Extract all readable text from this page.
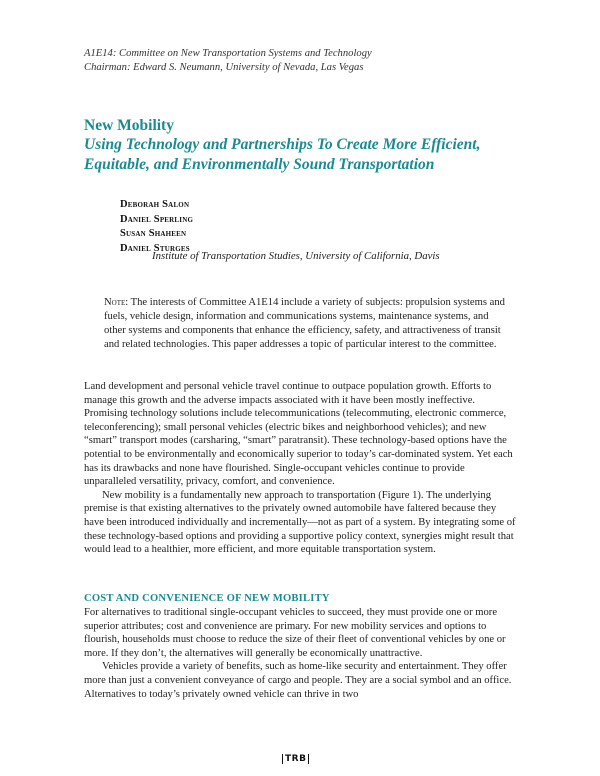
A1E14: Committee on New Transportation Systems and Technology
Chairman: Edward S. Neumann, University of Nevada, Las Vegas
New Mobility
Using Technology and Partnerships To Create More Efficient,
Equitable, and Environmentally Sound Transportation
Deborah Salon
Daniel Sperling
Susan Shaheen
Daniel Sturges
Institute of Transportation Studies, University of California, Davis
Note: The interests of Committee A1E14 include a variety of subjects: propulsion systems and fuels, vehicle design, information and communications systems, maintenance systems, and other systems and components that enhance the efficiency, safety, and attractiveness of transit and related technologies. This paper addresses a topic of particular interest to the committee.

Land development and personal vehicle travel continue to outpace population growth. Efforts to manage this growth and the adverse impacts associated with it have been mostly ineffective. Promising technology solutions include telecommunications (telecommuting, electronic commerce, teleconferencing); small personal vehicles (electric bikes and neighborhood vehicles); and new “smart” transport modes (carsharing, “smart” paratransit). These technology-based options have the potential to be environmentally and economically superior to today’s car-dominated system. Yet each has its drawbacks and none have flourished. Single-occupant vehicles continue to provide unparalleled versatility, privacy, comfort, and convenience.

New mobility is a fundamentally new approach to transportation (Figure 1). The underlying premise is that existing alternatives to the privately owned automobile have faltered because they have been introduced individually and incrementally—not as part of a system. By integrating some of these technology-based options and providing a supportive policy context, synergies might result that would lead to a healthier, more efficient, and more equitable transportation system.

COST AND CONVENIENCE OF NEW MOBILITY

For alternatives to traditional single-occupant vehicles to succeed, they must provide one or more superior attributes; cost and convenience are primary. For new mobility services and options to flourish, households must choose to reduce the size of their fleet of conventional vehicles by one or more. If they don’t, the alternatives will generally be economically unattractive.

Vehicles provide a variety of benefits, such as home-like security and entertainment. They offer more than just a convenient conveyance of cargo and people. They are a social symbol and an office. Alternatives to today’s privately owned vehicle can thrive in two

TRB
